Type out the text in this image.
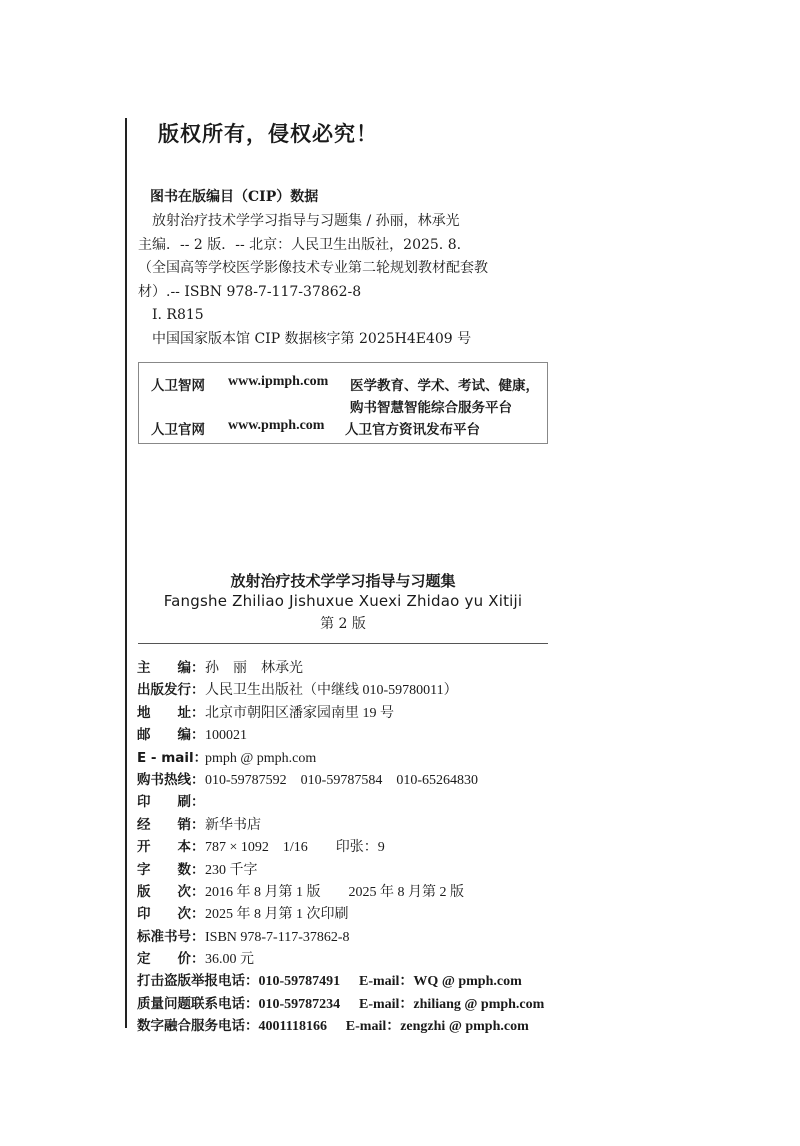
版权所有，侵权必究！
图书在版编目（CIP）数据
放射治疗技术学学习指导与习题集 / 孙丽，林承光
主编．-- 2 版．-- 北京：人民卫生出版社，2025. 8.
（全国高等学校医学影像技术专业第二轮规划教材配套教
材）.-- ISBN 978-7-117-37862-8
Ⅰ. R815
中国国家版本馆 CIP 数据核字第 2025H4E409 号
人卫智网 www.ipmph.com 医学教育、学术、考试、健康，
购书智慧智能综合服务平台
人卫官网 www.pmph.com 人卫官方资讯发布平台
放射治疗技术学学习指导与习题集
Fangshe Zhiliao Jishuxue Xuexi Zhidao yu Xitiji
第 2 版
主　　编：孙　丽　林承光
出版发行：人民卫生出版社（中继线 010-59780011）
地　　址：北京市朝阳区潘家园南里 19 号
邮　　编：100021
E - mail：pmph @ pmph.com
购书热线：010-59787592　010-59787584　010-65264830
印　　刷：
经　　销：新华书店
开　　本：787 × 1092　1/16　　印张：9
字　　数：230 千字
版　　次：2016 年 8 月第 1 版　　2025 年 8 月第 2 版
印　　次：2025 年 8 月第 1 次印刷
标准书号：ISBN 978-7-117-37862-8
定　　价：36.00 元
打击盗版举报电话：010-59787491 E-mail：WQ @ pmph.com
质量问题联系电话：010-59787234 E-mail：zhiliang @ pmph.com
数字融合服务电话：4001118166 E-mail：zengzhi @ pmph.com
